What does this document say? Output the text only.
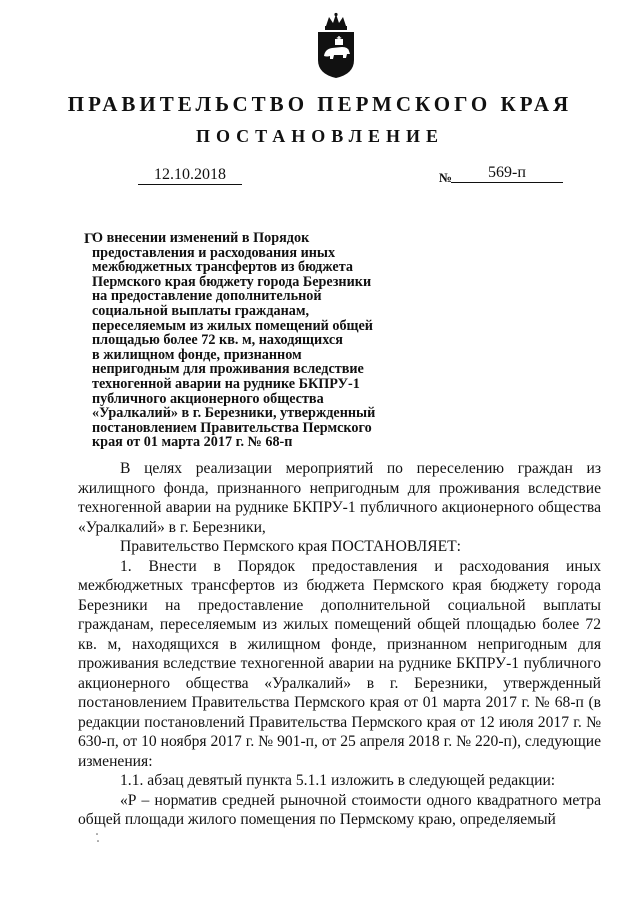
ПРАВИТЕЛЬСТВО ПЕРМСКОГО КРАЯ
ПОСТАНОВЛЕНИЕ
12.10.2018	№	569-п
Г
О внесении изменений в Порядок
предоставления и расходования иных
межбюджетных трансфертов из бюджета
Пермского края бюджету города Березники
на предоставление дополнительной
социальной выплаты гражданам,
переселяемым из жилых помещений общей
площадью более 72 кв. м, находящихся
в жилищном фонде, признанном
непригодным для проживания вследствие
техногенной аварии на руднике БКПРУ-1
публичного акционерного общества
«Уралкалий» в г. Березники, утвержденный
постановлением Правительства Пермского
края от 01 марта 2017 г. № 68-п

В целях реализации мероприятий по переселению граждан из жилищного фонда, признанного непригодным для проживания вследствие техногенной аварии на руднике БКПРУ-1 публичного акционерного общества «Уралкалий» в г. Березники,

Правительство Пермского края ПОСТАНОВЛЯЕТ:

1. Внести в Порядок предоставления и расходования иных межбюджетных трансфертов из бюджета Пермского края бюджету города Березники на предоставление дополнительной социальной выплаты гражданам, переселяемым из жилых помещений общей площадью более 72 кв. м, находящихся в жилищном фонде, признанном непригодным для проживания вследствие техногенной аварии на руднике БКПРУ-1 публичного акционерного общества «Уралкалий» в г. Березники, утвержденный постановлением Правительства Пермского края от 01 марта 2017 г. № 68-п (в редакции постановлений Правительства Пермского края от 12 июля 2017 г. № 630-п, от 10 ноября 2017 г. № 901-п, от 25 апреля 2018 г. № 220-п), следующие изменения:

1.1. абзац девятый пункта 5.1.1 изложить в следующей редакции:

«Р – норматив средней рыночной стоимости одного квадратного метра общей площади жилого помещения по Пермскому краю, определяемый
